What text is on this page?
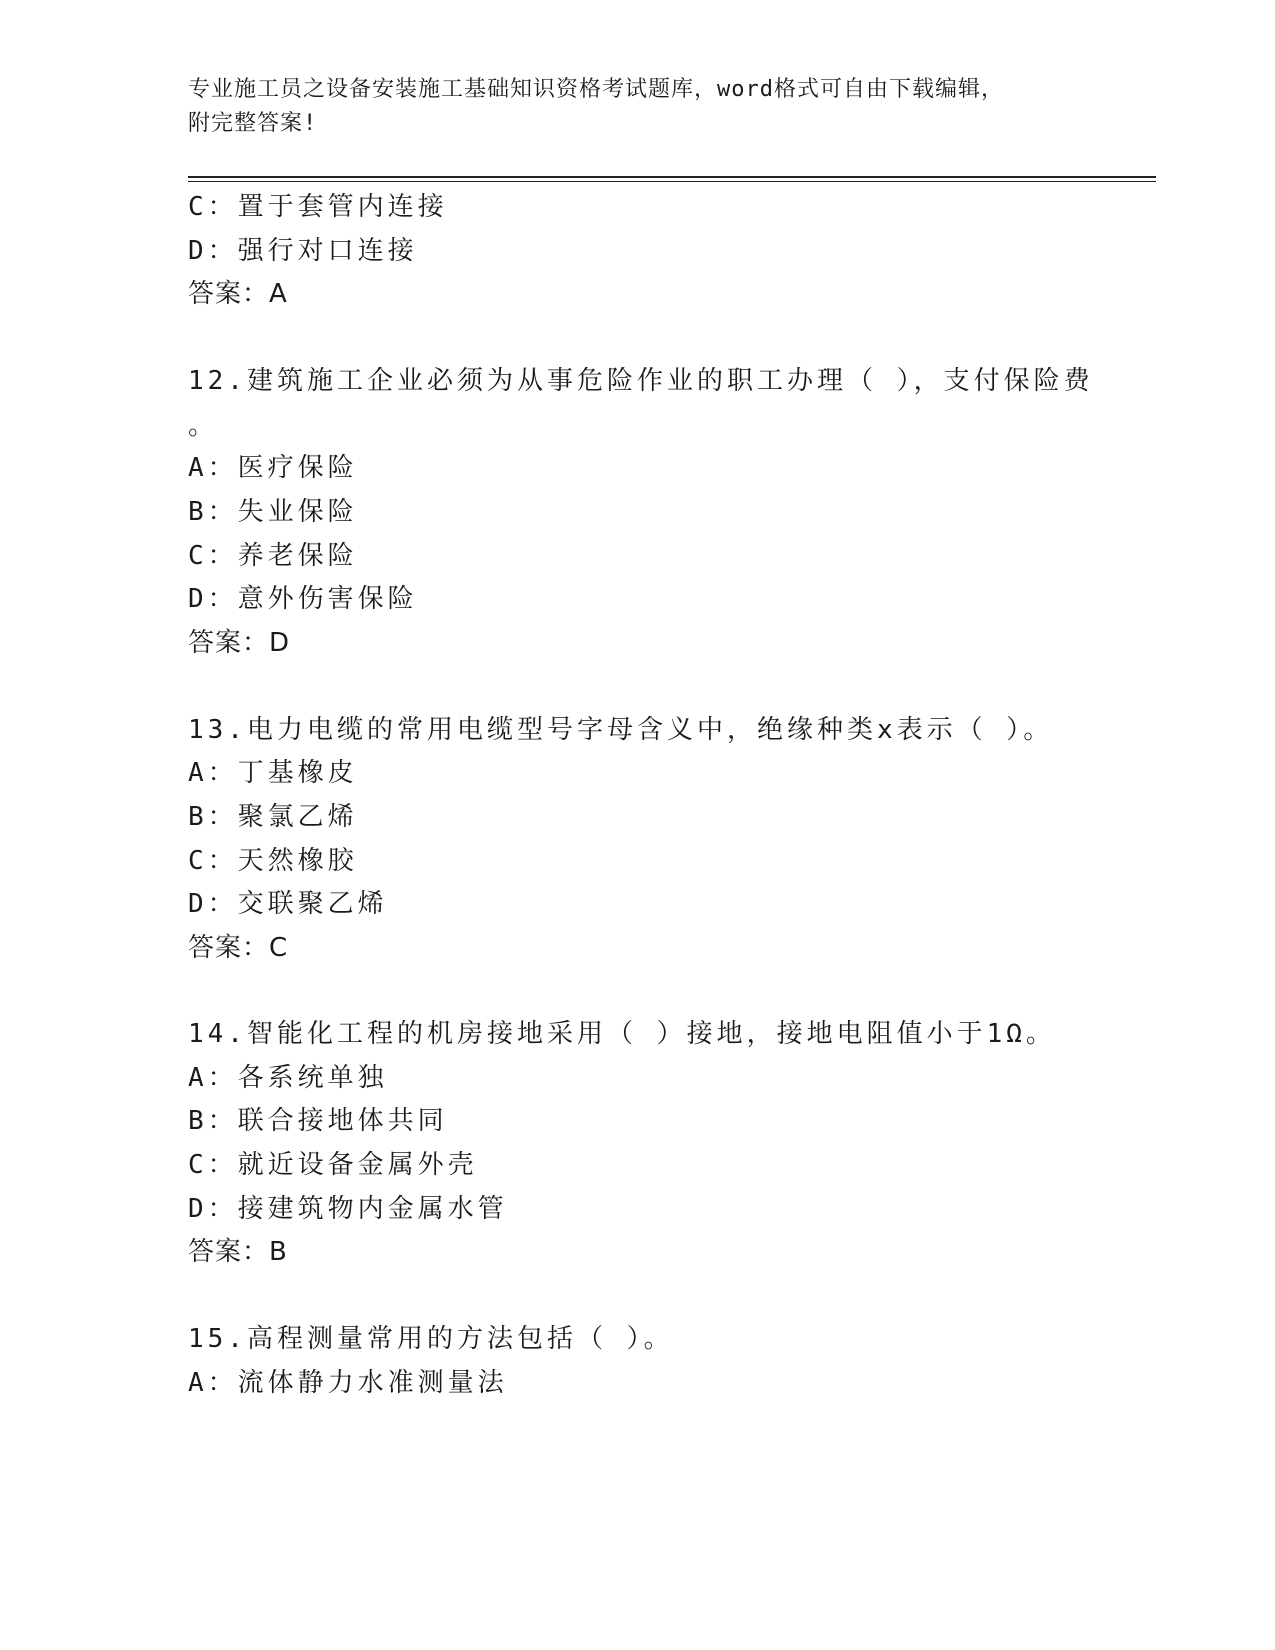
专业施工员之设备安装施工基础知识资格考试题库，word格式可自由下载编辑，
附完整答案!
C：置于套管内连接
D：强行对口连接
答案：A
12.建筑施工企业必须为从事危险作业的职工办理（ ），支付保险费
。
A：医疗保险
B：失业保险
C：养老保险
D：意外伤害保险
答案：D
13.电力电缆的常用电缆型号字母含义中，绝缘种类x表示（ ）。
A：丁基橡皮
B：聚氯乙烯
C：天然橡胶
D：交联聚乙烯
答案：C
14.智能化工程的机房接地采用（ ）接地，接地电阻值小于1Ω。
A：各系统单独
B：联合接地体共同
C：就近设备金属外壳
D：接建筑物内金属水管
答案：B
15.高程测量常用的方法包括（ ）。
A：流体静力水准测量法
